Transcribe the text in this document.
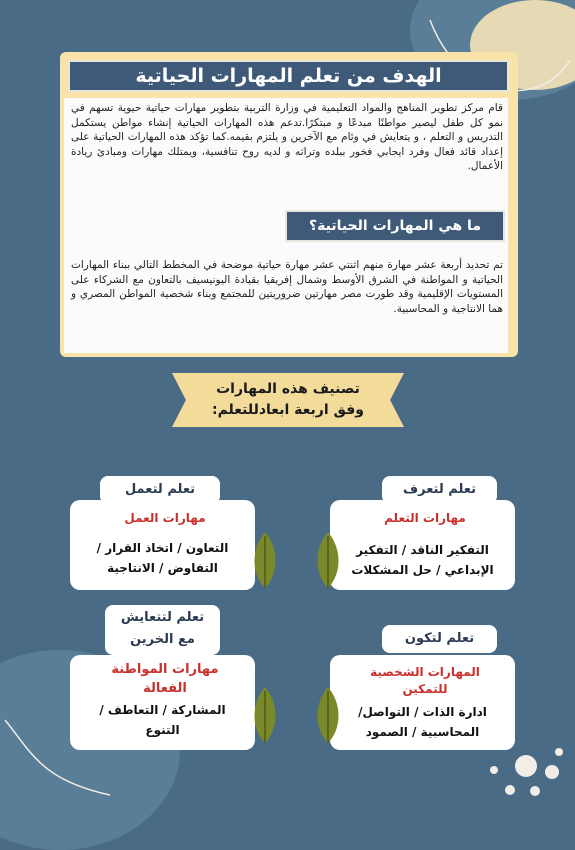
الهدف من تعلم المهارات الحياتية
قام مركز تطوير المناهج والمواد التعليمية في وزارة التربية بتطوير مهارات حياتية حيوية تسهم في نمو كل طفل ليصير مواطنًا مبدعًا و مبتكرًا.تدعم هذه المهارات الحياتية إنشاء مواطن يستكمل التدريس و التعلم ، و يتعايش في وئام مع الآخرين و يلتزم بقيمه.كما تؤكد هذه المهارات الحياتية على إعداد قائد فعال وفرد ايجابي فخور ببلده وتراثه و لديه روح تنافسية، ويمتلك مهارات ومبادئ ريادة الأعمال.
ما هي المهارات الحياتية؟
تم تحديد أربعة عشر مهارة منهم اثنتي عشر مهارة حياتية موضحة في المخطط التالي ببناء المهارات الحياتية و المواطنة في الشرق الأوسط وشمال إفريقيا بقيادة اليونيسيف بالتعاون مع الشركاء على المستويات الإقليمية وقد طورت مصر مهارتين ضروريتين للمجتمع وبناء شخصية المواطن المصري و هما الانتاجية و المحاسبية.
تصنيف هذه المهارات
وفق اربعة ابعادللتعلم:
تعلم لتعرف
مهارات التعلم
التفكير الناقد / التفكير
الإبداعي / حل المشكلات
تعلم لتعمل
مهارات العمل
التعاون / اتخاذ القرار /
التفاوض / الانتاجية
تعلم لتكون
المهارات الشخصية
للتمكين
ادارة الذات / التواصل/
المحاسبية / الصمود
تعلم لتتعايش
مع الخرين
مهارات المواطنة
الفعالة
المشاركة / التعاطف /
التنوع
